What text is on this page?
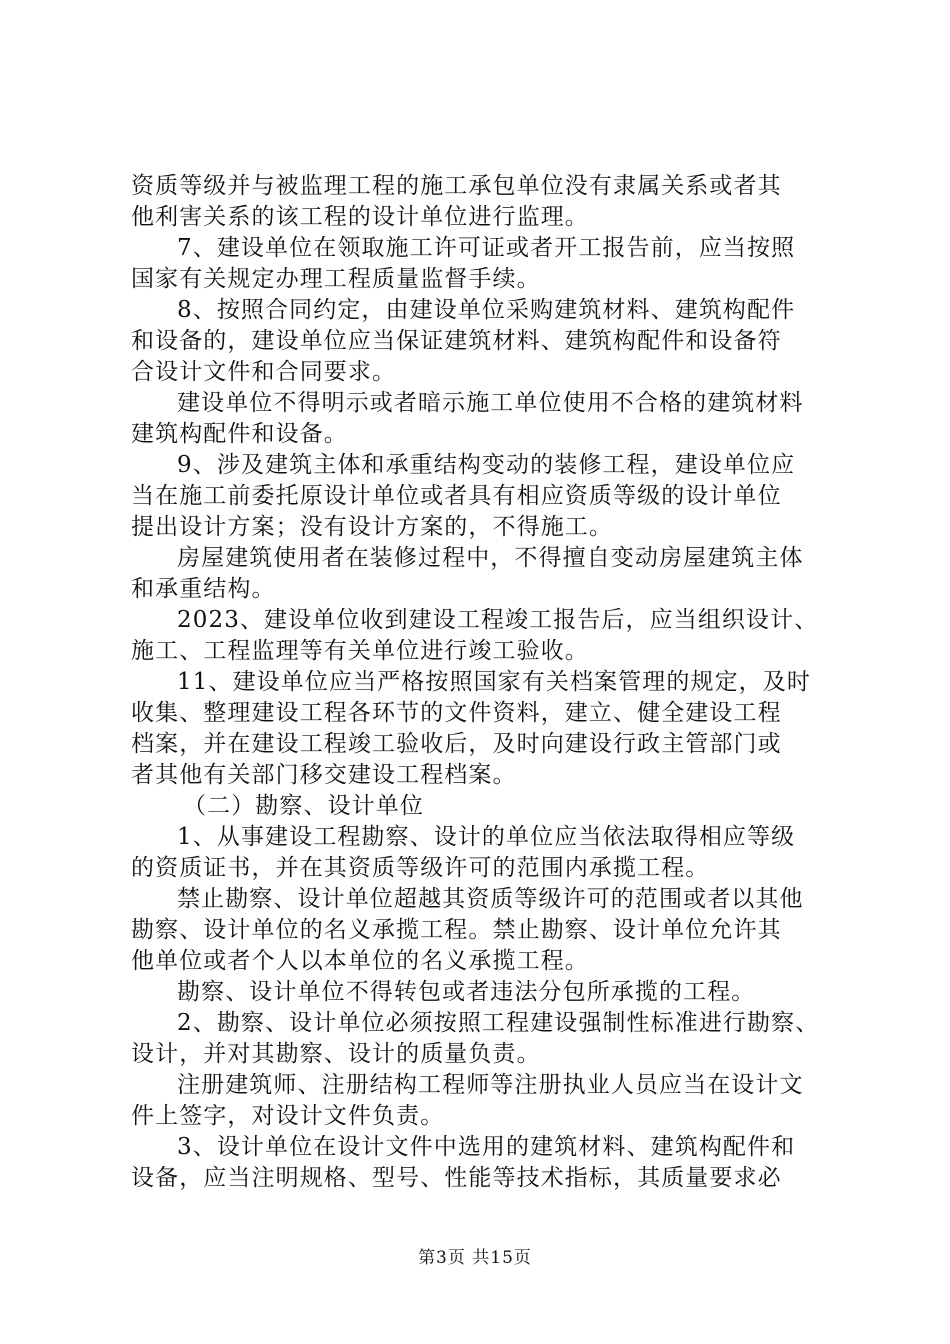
资质等级并与被监理工程的施工承包单位没有隶属关系或者其
他利害关系的该工程的设计单位进行监理。
7、建设单位在领取施工许可证或者开工报告前，应当按照
国家有关规定办理工程质量监督手续。
8、按照合同约定，由建设单位采购建筑材料、建筑构配件
和设备的，建设单位应当保证建筑材料、建筑构配件和设备符
合设计文件和合同要求。
建设单位不得明示或者暗示施工单位使用不合格的建筑材料
建筑构配件和设备。
9、涉及建筑主体和承重结构变动的装修工程，建设单位应
当在施工前委托原设计单位或者具有相应资质等级的设计单位
提出设计方案；没有设计方案的，不得施工。
房屋建筑使用者在装修过程中，不得擅自变动房屋建筑主体
和承重结构。
2023、建设单位收到建设工程竣工报告后，应当组织设计、
施工、工程监理等有关单位进行竣工验收。
11、建设单位应当严格按照国家有关档案管理的规定，及时
收集、整理建设工程各环节的文件资料，建立、健全建设工程
档案，并在建设工程竣工验收后，及时向建设行政主管部门或
者其他有关部门移交建设工程档案。
（二）勘察、设计单位
1、从事建设工程勘察、设计的单位应当依法取得相应等级
的资质证书，并在其资质等级许可的范围内承揽工程。
禁止勘察、设计单位超越其资质等级许可的范围或者以其他
勘察、设计单位的名义承揽工程。禁止勘察、设计单位允许其
他单位或者个人以本单位的名义承揽工程。
勘察、设计单位不得转包或者违法分包所承揽的工程。
2、勘察、设计单位必须按照工程建设强制性标准进行勘察、
设计，并对其勘察、设计的质量负责。
注册建筑师、注册结构工程师等注册执业人员应当在设计文
件上签字，对设计文件负责。
3、设计单位在设计文件中选用的建筑材料、建筑构配件和
设备，应当注明规格、型号、性能等技术指标，其质量要求必
第3页 共15页
